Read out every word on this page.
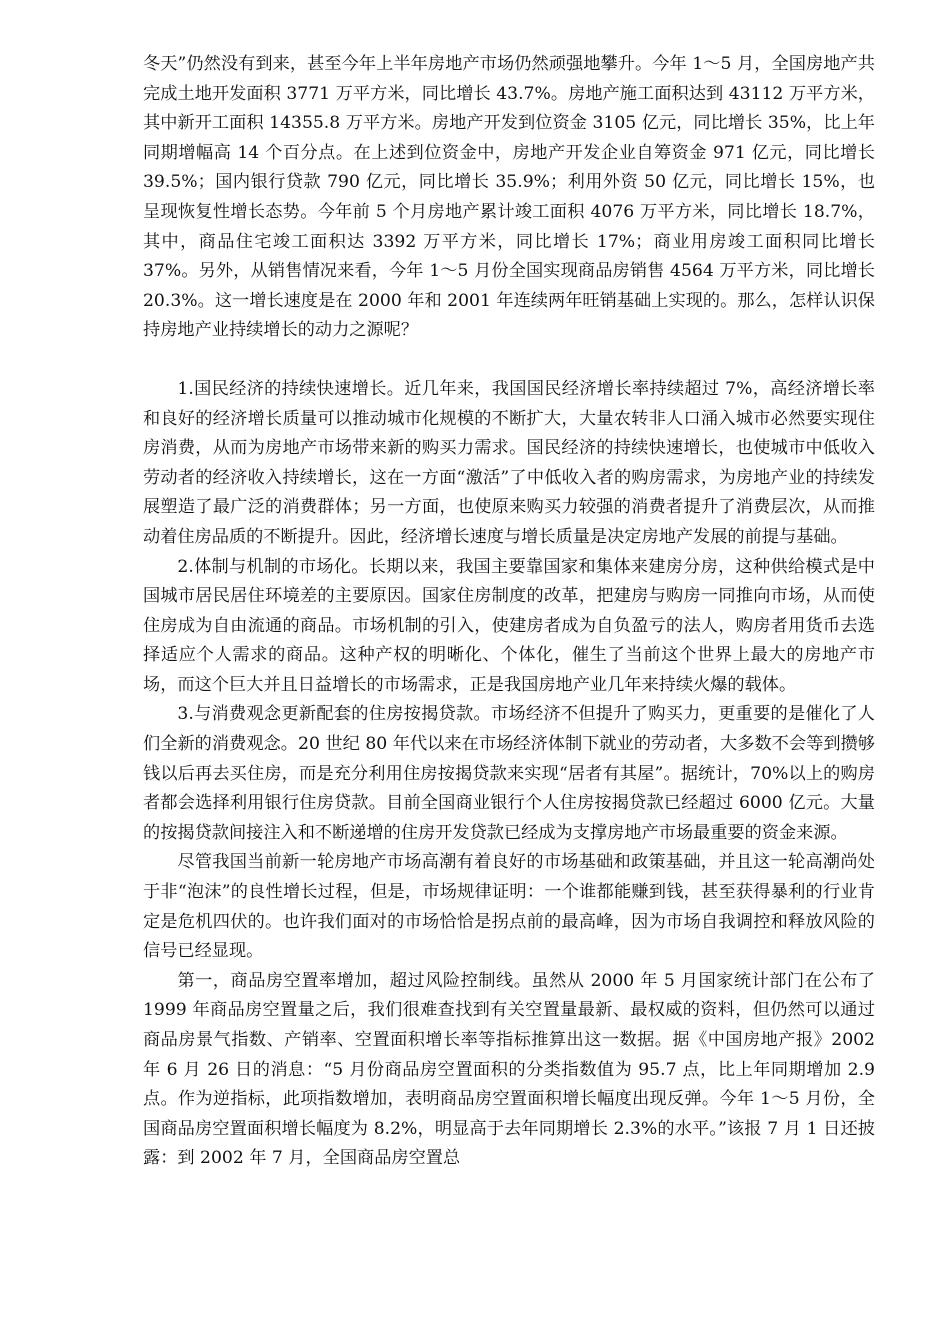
冬天”仍然没有到来，甚至今年上半年房地产市场仍然顽强地攀升。今年 1～5 月，全国房地产共完成土地开发面积 3771 万平方米，同比增长 43.7%。房地产施工面积达到 43112 万平方米，其中新开工面积 14355.8 万平方米。房地产开发到位资金 3105 亿元，同比增长 35%，比上年同期增幅高 14 个百分点。在上述到位资金中，房地产开发企业自筹资金 971 亿元，同比增长 39.5%；国内银行贷款 790 亿元，同比增长 35.9%；利用外资 50 亿元，同比增长 15%，也呈现恢复性增长态势。今年前 5 个月房地产累计竣工面积 4076 万平方米，同比增长 18.7%，其中，商品住宅竣工面积达 3392 万平方米，同比增长 17%；商业用房竣工面积同比增长 37%。另外，从销售情况来看，今年 1～5 月份全国实现商品房销售 4564 万平方米，同比增长 20.3%。这一增长速度是在 2000 年和 2001 年连续两年旺销基础上实现的。那么，怎样认识保持房地产业持续增长的动力之源呢？

1.国民经济的持续快速增长。近几年来，我国国民经济增长率持续超过 7%，高经济增长率和良好的经济增长质量可以推动城市化规模的不断扩大，大量农转非人口涌入城市必然要实现住房消费，从而为房地产市场带来新的购买力需求。国民经济的持续快速增长，也使城市中低收入劳动者的经济收入持续增长，这在一方面“激活”了中低收入者的购房需求，为房地产业的持续发展塑造了最广泛的消费群体；另一方面，也使原来购买力较强的消费者提升了消费层次，从而推动着住房品质的不断提升。因此，经济增长速度与增长质量是决定房地产发展的前提与基础。

2.体制与机制的市场化。长期以来，我国主要靠国家和集体来建房分房，这种供给模式是中国城市居民居住环境差的主要原因。国家住房制度的改革，把建房与购房一同推向市场，从而使住房成为自由流通的商品。市场机制的引入，使建房者成为自负盈亏的法人，购房者用货币去选择适应个人需求的商品。这种产权的明晰化、个体化，催生了当前这个世界上最大的房地产市场，而这个巨大并且日益增长的市场需求，正是我国房地产业几年来持续火爆的载体。

3.与消费观念更新配套的住房按揭贷款。市场经济不但提升了购买力，更重要的是催化了人们全新的消费观念。20 世纪 80 年代以来在市场经济体制下就业的劳动者，大多数不会等到攒够钱以后再去买住房，而是充分利用住房按揭贷款来实现“居者有其屋”。据统计，70%以上的购房者都会选择利用银行住房贷款。目前全国商业银行个人住房按揭贷款已经超过 6000 亿元。大量的按揭贷款间接注入和不断递增的住房开发贷款已经成为支撑房地产市场最重要的资金来源。

尽管我国当前新一轮房地产市场高潮有着良好的市场基础和政策基础，并且这一轮高潮尚处于非“泡沫”的良性增长过程，但是，市场规律证明：一个谁都能赚到钱，甚至获得暴利的行业肯定是危机四伏的。也许我们面对的市场恰恰是拐点前的最高峰，因为市场自我调控和释放风险的信号已经显现。

第一，商品房空置率增加，超过风险控制线。虽然从 2000 年 5 月国家统计部门在公布了 1999 年商品房空置量之后，我们很难查找到有关空置量最新、最权威的资料，但仍然可以通过商品房景气指数、产销率、空置面积增长率等指标推算出这一数据。据《中国房地产报》2002 年 6 月 26 日的消息：“5 月份商品房空置面积的分类指数值为 95.7 点，比上年同期增加 2.9 点。作为逆指标，此项指数增加，表明商品房空置面积增长幅度出现反弹。今年 1～5 月份，全国商品房空置面积增长幅度为 8.2%，明显高于去年同期增长 2.3%的水平。”该报 7 月 1 日还披露：到 2002 年 7 月，全国商品房空置总
